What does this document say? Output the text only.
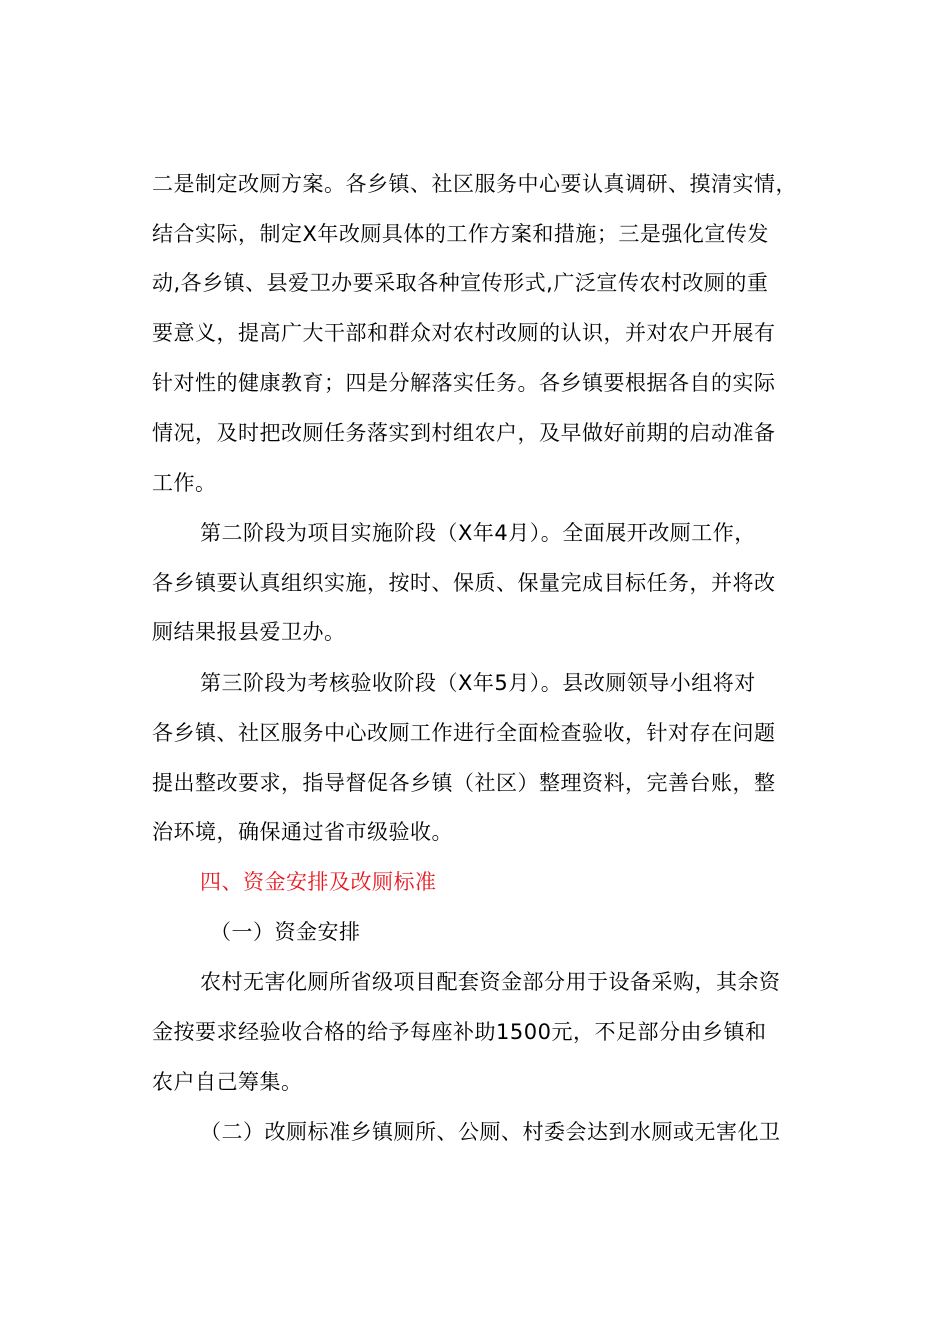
二是制定改厕方案。各乡镇、社区服务中心要认真调研、摸清实情，
结合实际，制定X年改厕具体的工作方案和措施；三是强化宣传发
动,各乡镇、县爱卫办要采取各种宣传形式,广泛宣传农村改厕的重
要意义，提高广大干部和群众对农村改厕的认识，并对农户开展有
针对性的健康教育；四是分解落实任务。各乡镇要根据各自的实际
情况，及时把改厕任务落实到村组农户，及早做好前期的启动准备
工作。
第二阶段为项目实施阶段（X年4月）。全面展开改厕工作，
各乡镇要认真组织实施，按时、保质、保量完成目标任务，并将改
厕结果报县爱卫办。
第三阶段为考核验收阶段（X年5月）。县改厕领导小组将对
各乡镇、社区服务中心改厕工作进行全面检查验收，针对存在问题
提出整改要求，指导督促各乡镇（社区）整理资料，完善台账，整
治环境，确保通过省市级验收。
四、资金安排及改厕标准
（一）资金安排
农村无害化厕所省级项目配套资金部分用于设备采购，其余资
金按要求经验收合格的给予每座补助1500元，不足部分由乡镇和
农户自己筹集。
（二）改厕标准乡镇厕所、公厕、村委会达到水厕或无害化卫
